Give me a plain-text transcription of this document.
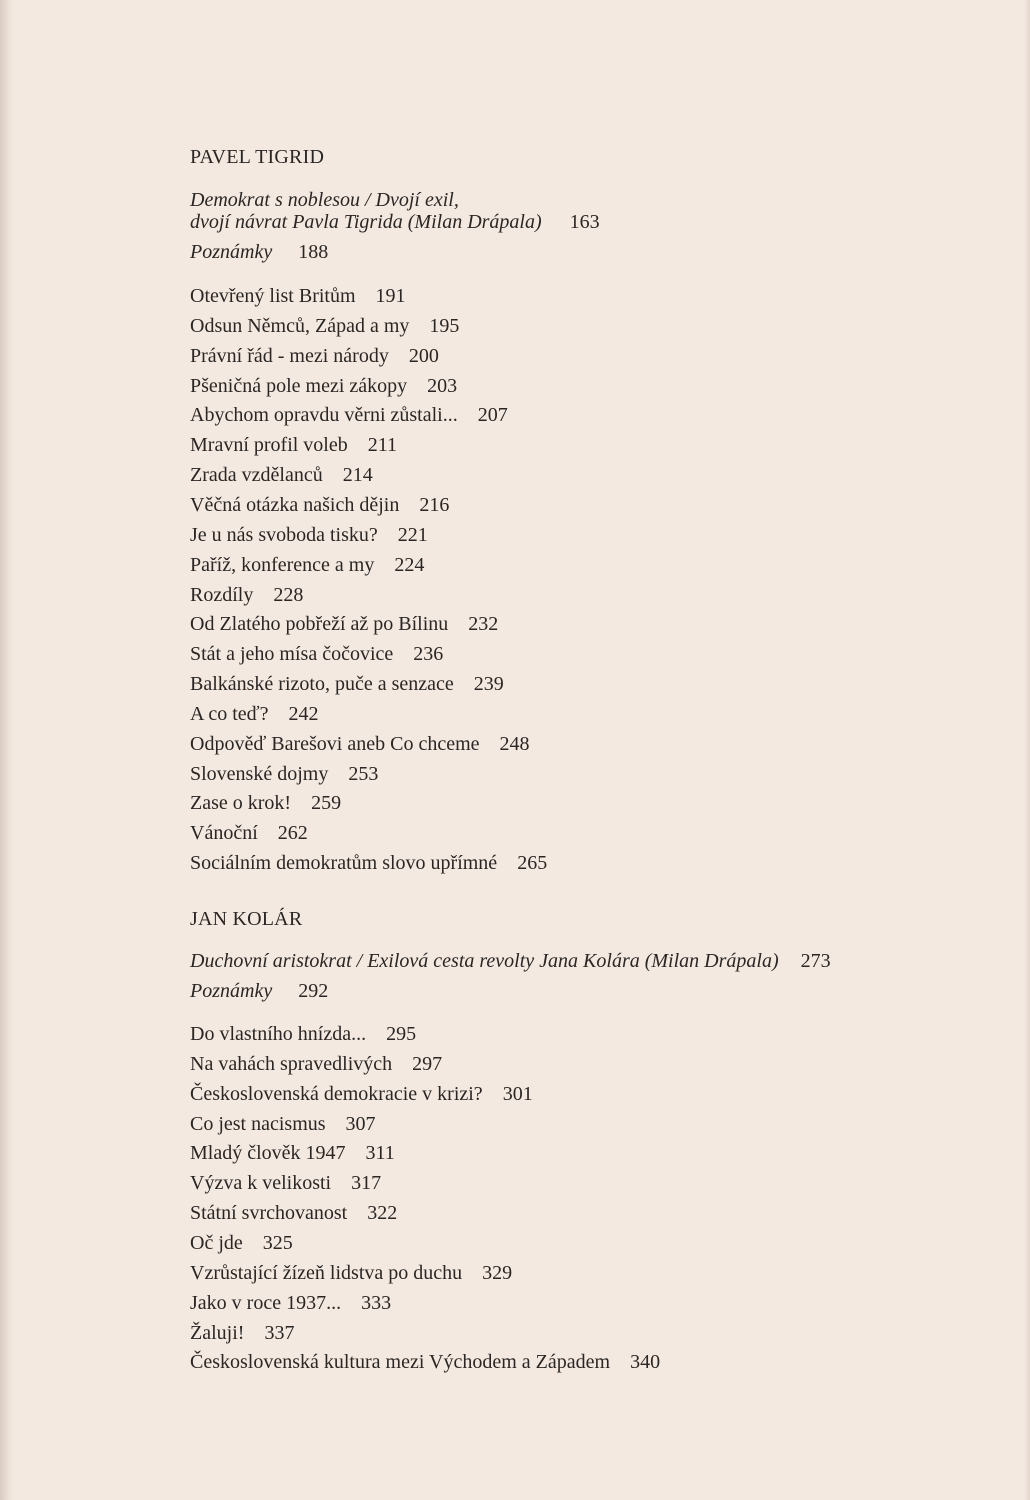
PAVEL TIGRID
Demokrat s noblesou / Dvojí exil,
dvojí návrat Pavla Tigrida (Milan Drápala) 163
Poznámky 188
Otevřený list Britům 191
Odsun Němců, Západ a my 195
Právní řád - mezi národy 200
Pšeničná pole mezi zákopy 203
Abychom opravdu věrni zůstali... 207
Mravní profil voleb 211
Zrada vzdělanců 214
Věčná otázka našich dějin 216
Je u nás svoboda tisku? 221
Paříž, konference a my 224
Rozdíly 228
Od Zlatého pobřeží až po Bílinu 232
Stát a jeho mísa čočovice 236
Balkánské rizoto, puče a senzace 239
A co teď? 242
Odpověď Barešovi aneb Co chceme 248
Slovenské dojmy 253
Zase o krok! 259
Vánoční 262
Sociálním demokratům slovo upřímné 265
JAN KOLÁR
Duchovní aristokrat / Exilová cesta revolty Jana Kolára (Milan Drápala) 273
Poznámky 292
Do vlastního hnízda... 295
Na vahách spravedlivých 297
Československá demokracie v krizi? 301
Co jest nacismus 307
Mladý člověk 1947 311
Výzva k velikosti 317
Státní svrchovanost 322
Oč jde 325
Vzrůstající žízeň lidstva po duchu 329
Jako v roce 1937... 333
Žaluji! 337
Československá kultura mezi Východem a Západem 340
